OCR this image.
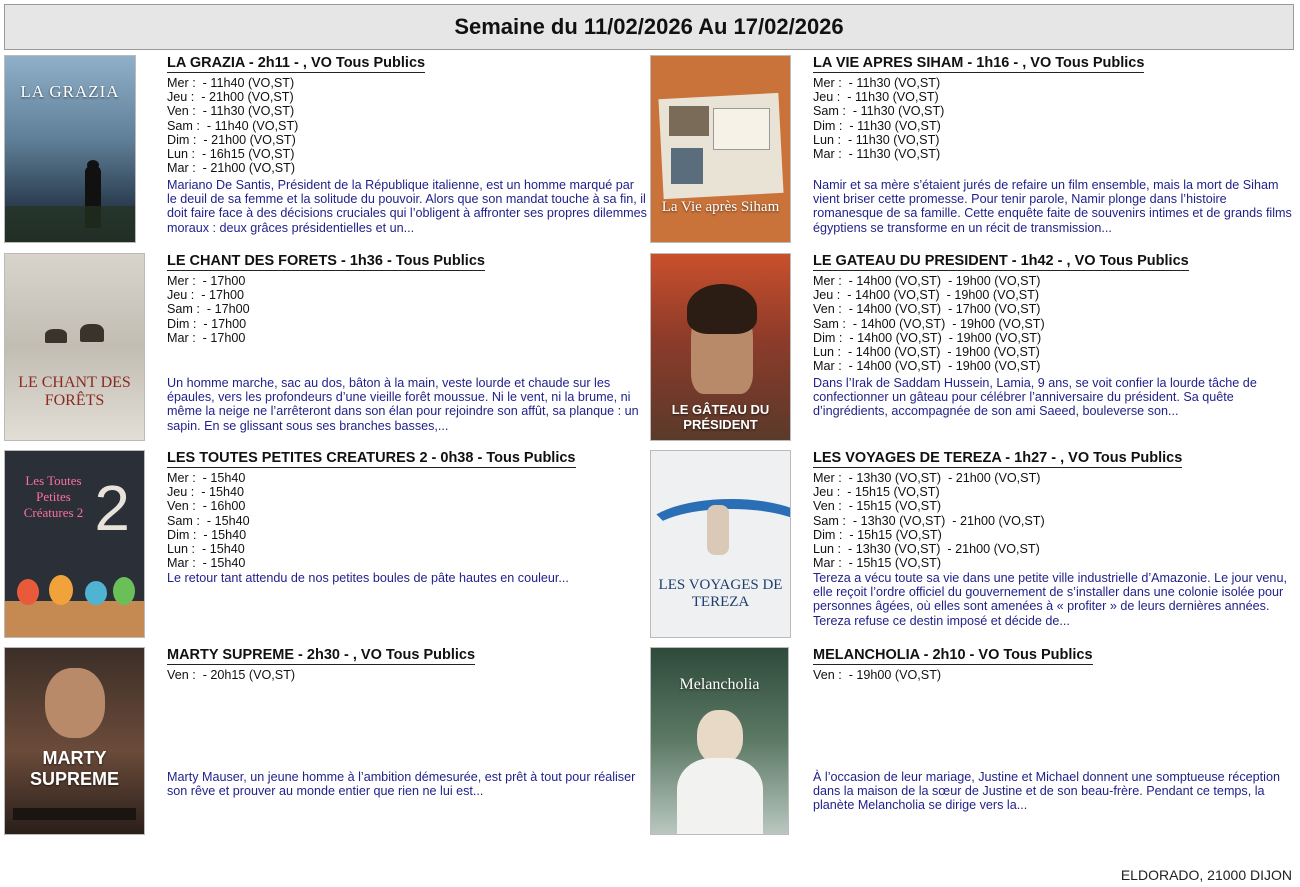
Semaine du 11/02/2026 Au 17/02/2026
LA GRAZIA
LA GRAZIA - 2h11 - , VO Tous Publics
Mer :  - 11h40 (VO,ST)
Jeu :  - 21h00 (VO,ST)
Ven :  - 11h30 (VO,ST)
Sam :  - 11h40 (VO,ST)
Dim :  - 21h00 (VO,ST)
Lun :  - 16h15 (VO,ST)
Mar :  - 21h00 (VO,ST)
Mariano De Santis, Président de la République italienne, est un homme marqué par le deuil de sa femme et la solitude du pouvoir. Alors que son mandat touche à sa fin, il doit faire face à des décisions cruciales qui l’obligent à affronter ses propres dilemmes moraux : deux grâces présidentielles et un...
La Vie après Siham
LA VIE APRES SIHAM - 1h16 - , VO Tous Publics
Mer :  - 11h30 (VO,ST)
Jeu :  - 11h30 (VO,ST)
Sam :  - 11h30 (VO,ST)
Dim :  - 11h30 (VO,ST)
Lun :  - 11h30 (VO,ST)
Mar :  - 11h30 (VO,ST)
Namir et sa mère s’étaient jurés de refaire un film ensemble, mais la mort de Siham vient briser cette promesse. Pour tenir parole, Namir plonge dans l’histoire romanesque de sa famille. Cette enquête faite de souvenirs intimes et de grands films égyptiens se transforme en un récit de transmission...
LE CHANT DES FORÊTS
LE CHANT DES FORETS - 1h36 - Tous Publics
Mer :  - 17h00
Jeu :  - 17h00
Sam :  - 17h00
Dim :  - 17h00
Mar :  - 17h00
Un homme marche, sac au dos, bâton à la main, veste lourde et chaude sur les épaules, vers les profondeurs d’une vieille forêt moussue. Ni le vent, ni la brume, ni même la neige ne l’arrêteront dans son élan pour rejoindre son affût, sa planque : un sapin. En se glissant sous ses branches basses,...
LE GÂTEAU DU PRÉSIDENT
LE GATEAU DU PRESIDENT - 1h42 - , VO Tous Publics
Mer :  - 14h00 (VO,ST)  - 19h00 (VO,ST)
Jeu :  - 14h00 (VO,ST)  - 19h00 (VO,ST)
Ven :  - 14h00 (VO,ST)  - 17h00 (VO,ST)
Sam :  - 14h00 (VO,ST)  - 19h00 (VO,ST)
Dim :  - 14h00 (VO,ST)  - 19h00 (VO,ST)
Lun :  - 14h00 (VO,ST)  - 19h00 (VO,ST)
Mar :  - 14h00 (VO,ST)  - 19h00 (VO,ST)
Dans l’Irak de Saddam Hussein, Lamia, 9 ans, se voit confier la lourde tâche de confectionner un gâteau pour célébrer l’anniversaire du président. Sa quête d’ingrédients, accompagnée de son ami Saeed, bouleverse son...
Les Toutes Petites Créatures 2 2
LES TOUTES PETITES CREATURES 2 - 0h38 - Tous Publics
Mer :  - 15h40
Jeu :  - 15h40
Ven :  - 16h00
Sam :  - 15h40
Dim :  - 15h40
Lun :  - 15h40
Mar :  - 15h40
Le retour tant attendu de nos petites boules de pâte hautes en couleur...	LES VOYAGES DE TEREZA
LES VOYAGES DE TEREZA - 1h27 - , VO Tous Publics
Mer :  - 13h30 (VO,ST)  - 21h00 (VO,ST)
Jeu :  - 15h15 (VO,ST)
Ven :  - 15h15 (VO,ST)
Sam :  - 13h30 (VO,ST)  - 21h00 (VO,ST)
Dim :  - 15h15 (VO,ST)
Lun :  - 13h30 (VO,ST)  - 21h00 (VO,ST)
Mar :  - 15h15 (VO,ST)
Tereza a vécu toute sa vie dans une petite ville industrielle d’Amazonie. Le jour venu, elle reçoit l’ordre officiel du gouvernement de s’installer dans une colonie isolée pour personnes âgées, où elles sont amenées à « profiter » de leurs dernières années. Tereza refuse ce destin imposé et décide de...
MARTY SUPREME
MARTY SUPREME - 2h30 - , VO Tous Publics
Ven :  - 20h15 (VO,ST)
Marty Mauser, un jeune homme à l’ambition démesurée, est prêt à tout pour réaliser son rêve et prouver au monde entier que rien ne lui est...
Melancholia
MELANCHOLIA - 2h10 - VO Tous Publics
Ven :  - 19h00 (VO,ST)
À l’occasion de leur mariage, Justine et Michael donnent une somptueuse réception dans la maison de la sœur de Justine et de son beau-frère. Pendant ce temps, la planète Melancholia se dirige vers la...
ELDORADO, 21000 DIJON
